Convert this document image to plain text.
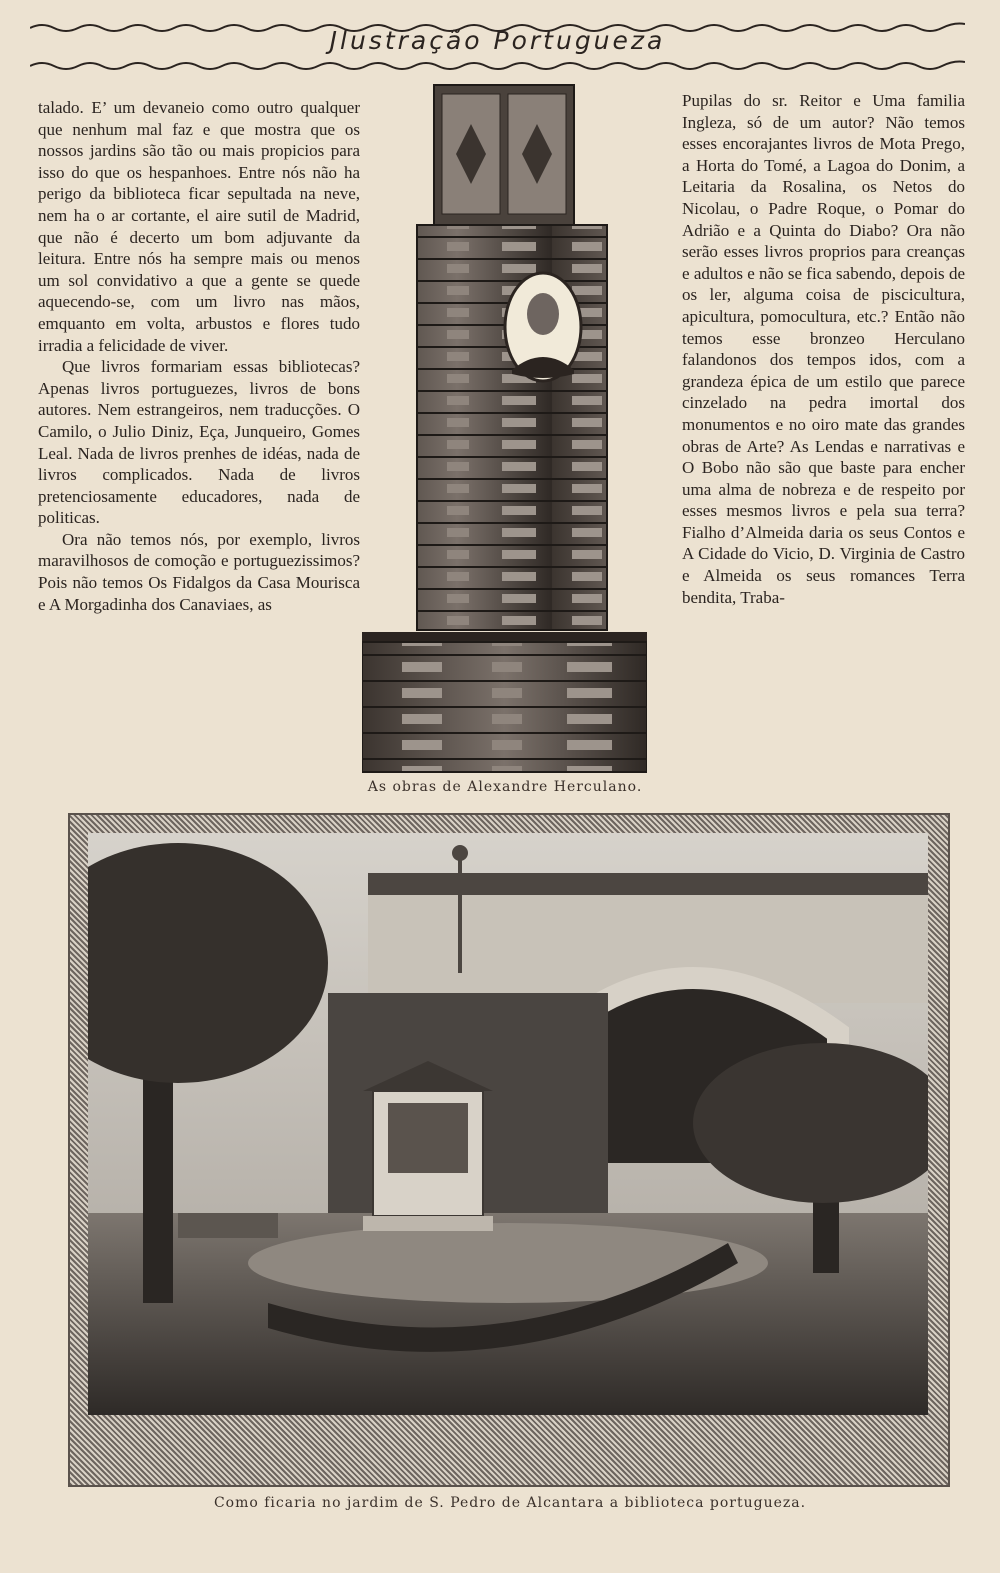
Jlustração Portugueza

talado. E’ um devaneio como outro qualquer que nenhum mal faz e que mostra que os nossos jardins são tão ou mais propicios para isso do que os hespanhoes. Entre nós não ha perigo da biblioteca ficar sepultada na neve, nem ha o ar cortante, el aire sutil de Madrid, que não é decerto um bom adjuvante da leitura. Entre nós ha sempre mais ou menos um sol convidativo a que a gente se quede aquecendo-se, com um livro nas mãos, emquanto em volta, arbustos e flores tudo irradia a felicidade de viver.

Que livros formariam essas bibliotecas? Apenas livros portuguezes, livros de bons autores. Nem estrangeiros, nem traducções. O Camilo, o Julio Diniz, Eça, Junqueiro, Gomes Leal. Nada de livros prenhes de idéas, nada de livros complicados. Nada de livros pretenciosamente educadores, nada de politicas.

Ora não temos nós, por exemplo, livros maravilhosos de comoção e portuguezissimos? Pois não temos Os Fidalgos da Casa Mourisca e A Morgadinha dos Canaviaes, as

As obras de Alexandre Herculano.

Pupilas do sr. Reitor e Uma familia Ingleza, só de um autor? Não temos esses encorajantes livros de Mota Prego, a Horta do Tomé, a Lagoa do Donim, a Leitaria da Rosalina, os Netos do Nicolau, o Padre Roque, o Pomar do Adrião e a Quinta do Diabo? Ora não serão esses livros proprios para creanças e adultos e não se fica sabendo, depois de os ler, alguma coisa de piscicultura, apicultura, pomocultura, etc.? Então não temos esse bronzeo Herculano falandonos dos tempos idos, com a grandeza épica de um estilo que parece cinzelado na pedra imortal dos monumentos e no oiro mate das grandes obras de Arte? As Lendas e narrativas e O Bobo não são que baste para encher uma alma de nobreza e de respeito por esses mesmos livros e pela sua terra? Fialho d’Almeida daria os seus Contos e A Cidade do Vicio, D. Virginia de Castro e Almeida os seus romances Terra bendita, Traba-

Como ficaria no jardim de S. Pedro de Alcantara a biblioteca portugueza.
